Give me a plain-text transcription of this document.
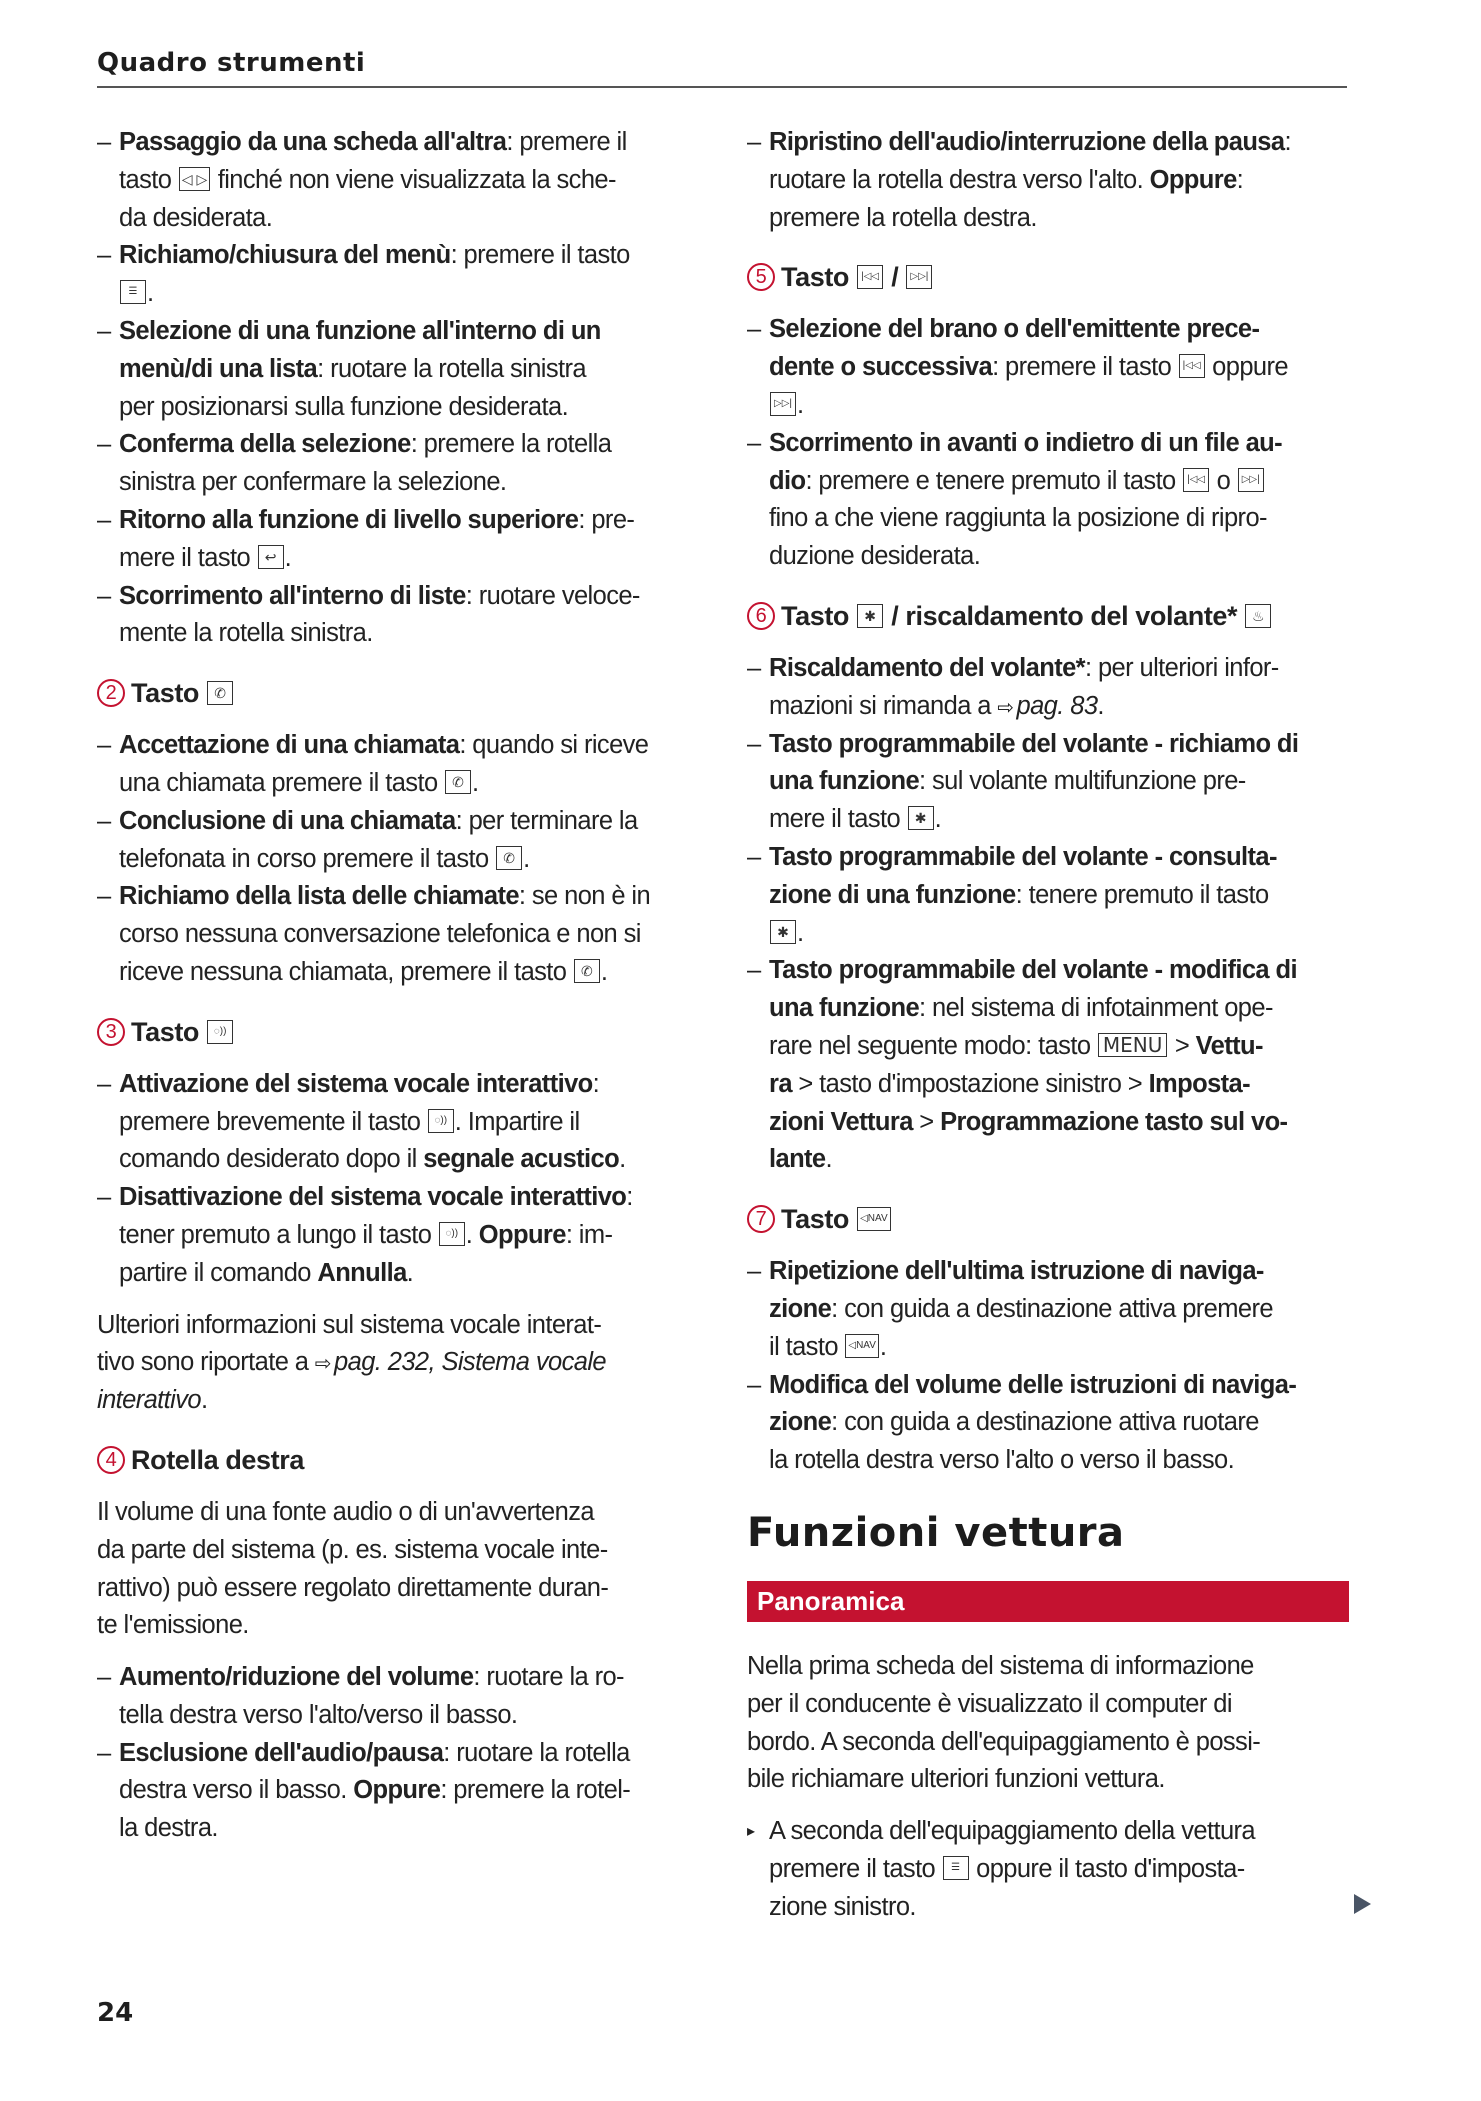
Quadro strumenti
– Passaggio da una scheda all'altra: premere il
tasto ◁ ▷ finché non viene visualizzata la sche-
da desiderata.
– Richiamo/chiusura del menù: premere il tasto
☰ .
– Selezione di una funzione all'interno di un
menù/di una lista: ruotare la rotella sinistra
per posizionarsi sulla funzione desiderata.
– Conferma della selezione: premere la rotella
sinistra per confermare la selezione.
– Ritorno alla funzione di livello superiore: pre-
mere il tasto ↩ .
– Scorrimento all'interno di liste: ruotare veloce-
mente la rotella sinistra.
2 Tasto ✆
– Accettazione di una chiamata: quando si riceve
una chiamata premere il tasto ✆ .
– Conclusione di una chiamata: per terminare la
telefonata in corso premere il tasto ✆ .
– Richiamo della lista delle chiamate: se non è in
corso nessuna conversazione telefonica e non si
riceve nessuna chiamata, premere il tasto ✆ .
3 Tasto ◌))
– Attivazione del sistema vocale interattivo:
premere brevemente il tasto ◌)) . Impartire il
comando desiderato dopo il segnale acustico.
– Disattivazione del sistema vocale interattivo:
tener premuto a lungo il tasto ◌)) . Oppure: im-
partire il comando Annulla.
Ulteriori informazioni sul sistema vocale interat-
tivo sono riportate a ⇨ pag. 232, Sistema vocale
interattivo.
4 Rotella destra
Il volume di una fonte audio o di un'avvertenza
da parte del sistema (p. es. sistema vocale inte-
rattivo) può essere regolato direttamente duran-
te l'emissione.
– Aumento/riduzione del volume: ruotare la ro-
tella destra verso l'alto/verso il basso.
– Esclusione dell'audio/pausa: ruotare la rotella
destra verso il basso. Oppure: premere la rotel-
la destra.
– Ripristino dell'audio/interruzione della pausa:
ruotare la rotella destra verso l'alto. Oppure:
premere la rotella destra.
5 Tasto |◁◁ / ▷▷|
– Selezione del brano o dell'emittente prece-
dente o successiva: premere il tasto |◁◁ oppure
▷▷| .
– Scorrimento in avanti o indietro di un file au-
dio: premere e tenere premuto il tasto |◁◁ o ▷▷|
fino a che viene raggiunta la posizione di ripro-
duzione desiderata.
6 Tasto ✱ / riscaldamento del volante* ♨
– Riscaldamento del volante*: per ulteriori infor-
mazioni si rimanda a ⇨ pag. 83.
– Tasto programmabile del volante - richiamo di
una funzione: sul volante multifunzione pre-
mere il tasto ✱ .
– Tasto programmabile del volante - consulta-
zione di una funzione: tenere premuto il tasto
✱ .
– Tasto programmabile del volante - modifica di
una funzione: nel sistema di infotainment ope-
rare nel seguente modo: tasto MENU > Vettu-
ra > tasto d'impostazione sinistro > Imposta-
zioni Vettura > Programmazione tasto sul vo-
lante.
7 Tasto ◁NAV
– Ripetizione dell'ultima istruzione di naviga-
zione: con guida a destinazione attiva premere
il tasto ◁NAV .
– Modifica del volume delle istruzioni di naviga-
zione: con guida a destinazione attiva ruotare
la rotella destra verso l'alto o verso il basso.
Funzioni vettura
Panoramica
Nella prima scheda del sistema di informazione
per il conducente è visualizzato il computer di
bordo. A seconda dell'equipaggiamento è possi-
bile richiamare ulteriori funzioni vettura.
▸ A seconda dell'equipaggiamento della vettura
premere il tasto ☰ oppure il tasto d'imposta-
zione sinistro.
24
